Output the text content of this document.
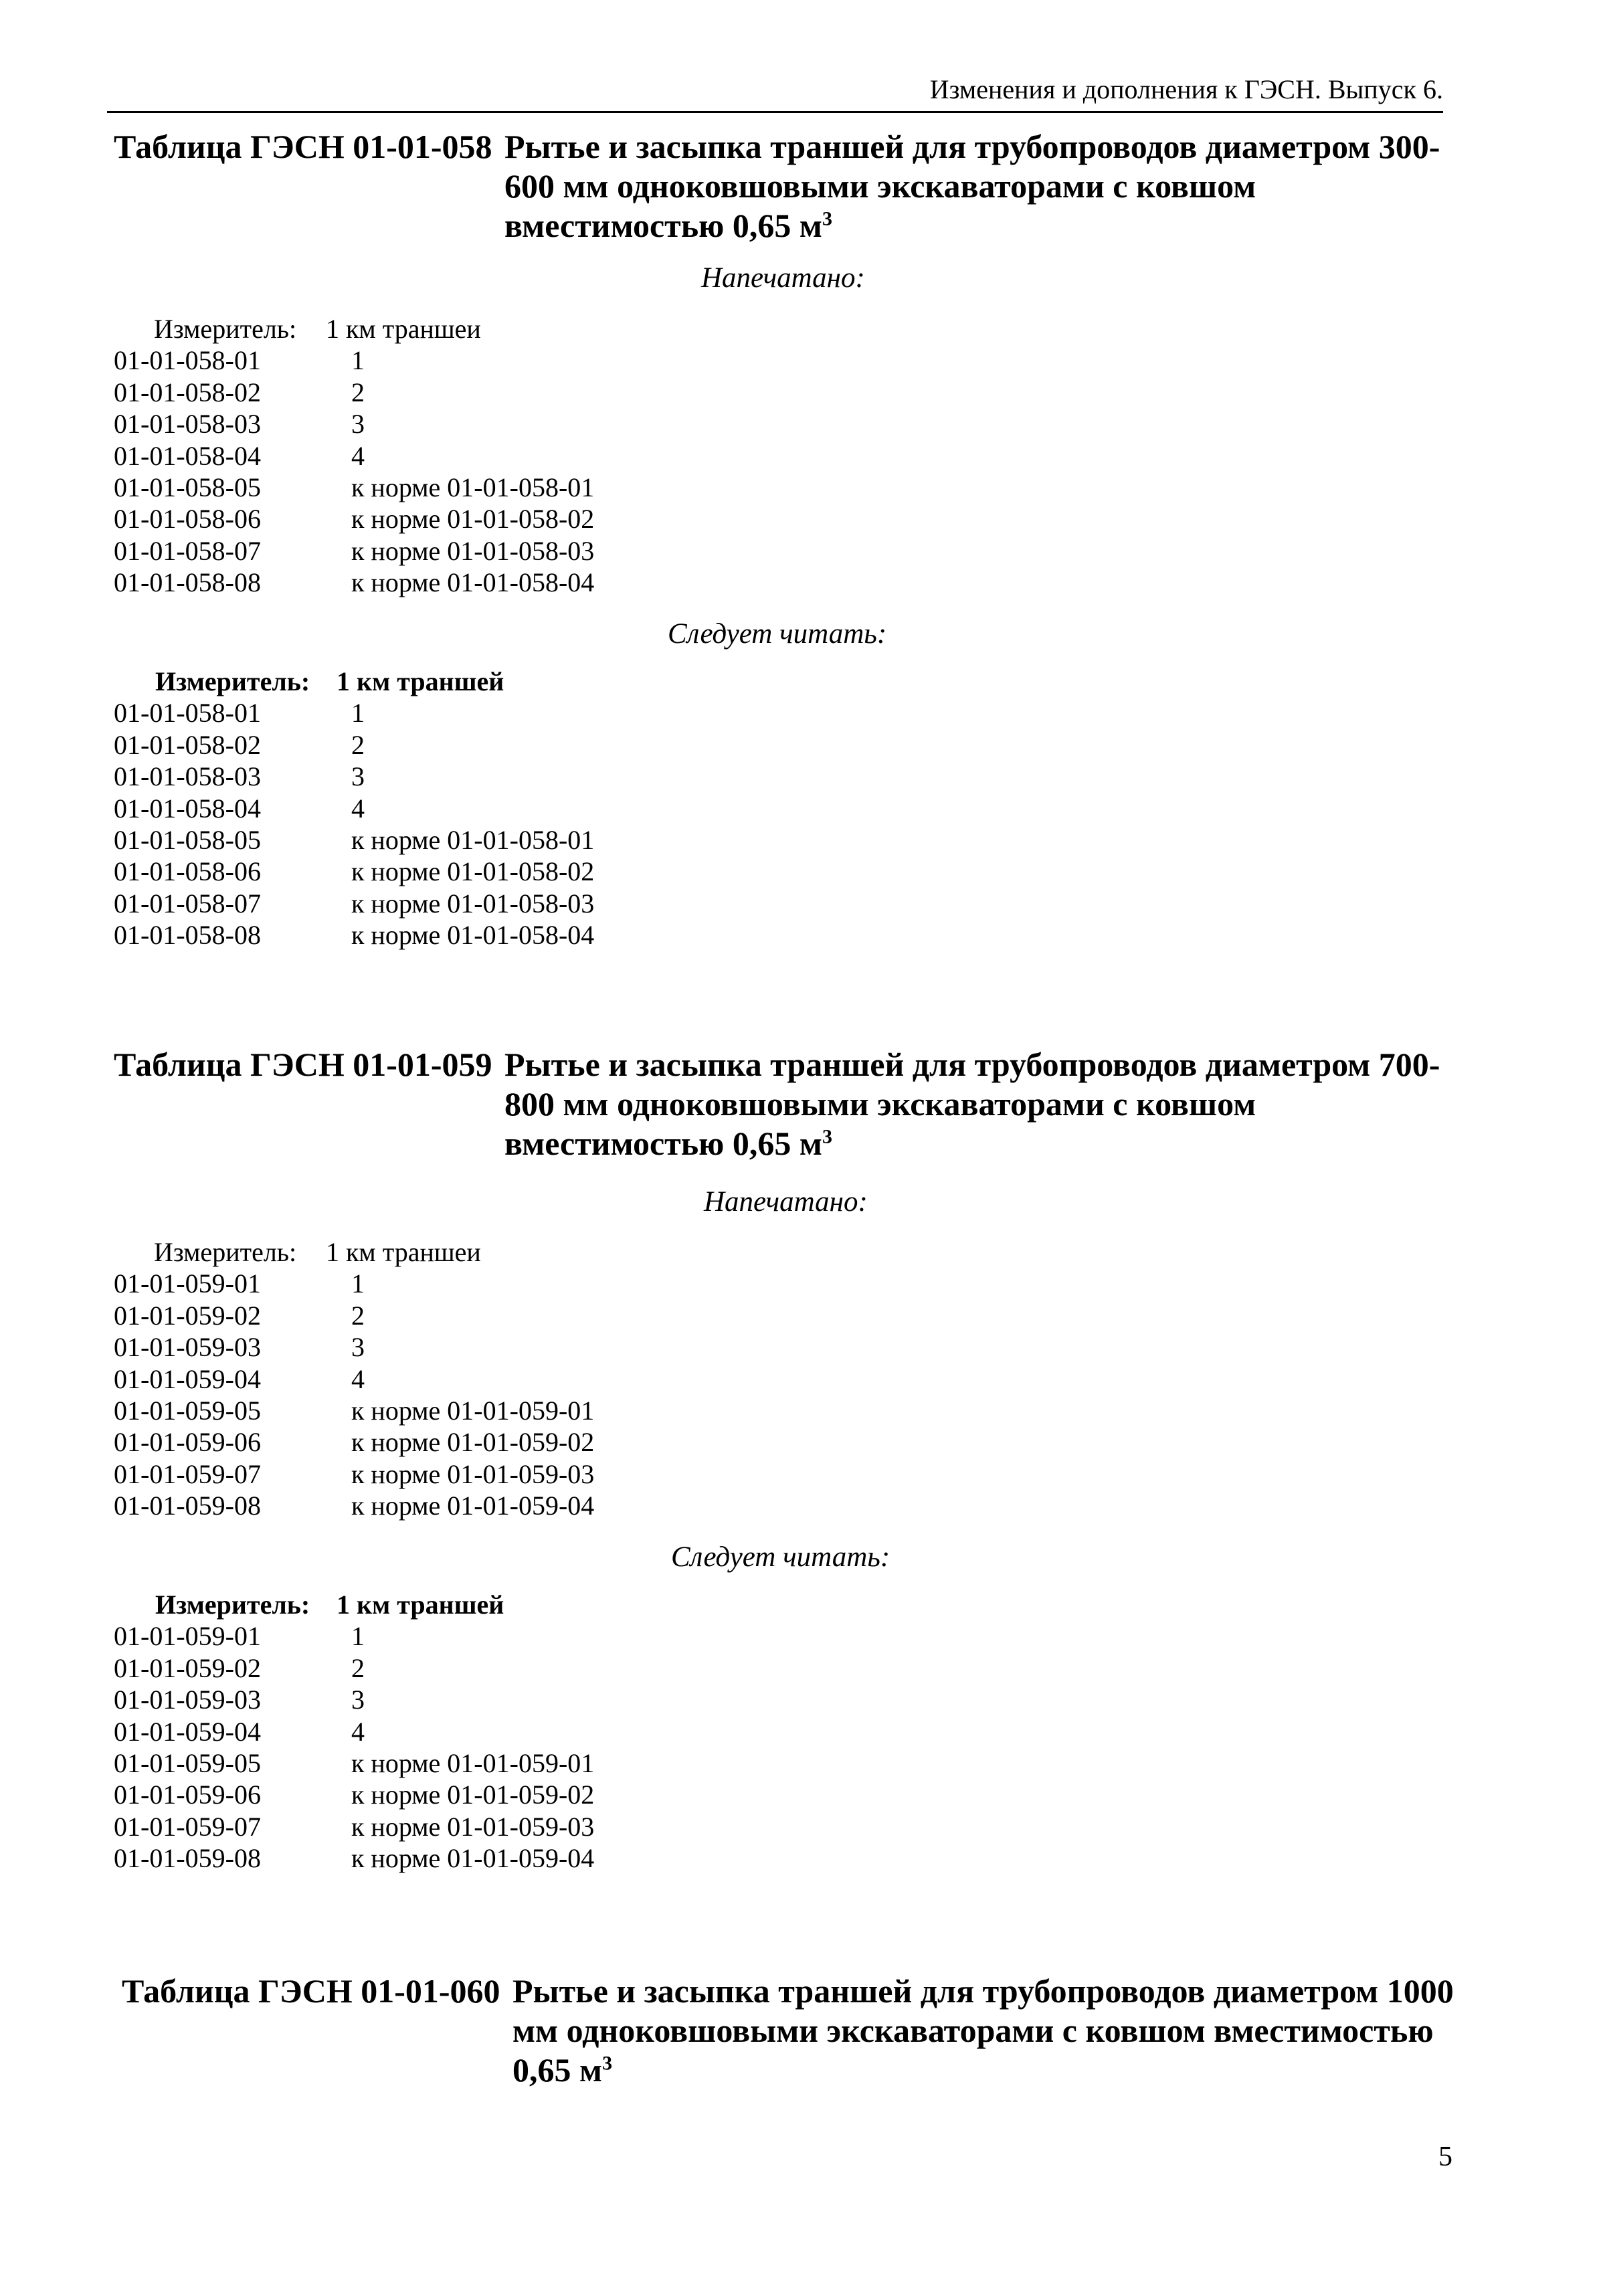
Изменения и дополнения к ГЭСН. Выпуск 6.
Таблица ГЭСН 01-01-058 Рытье и засыпка траншей для трубопроводов диаметром 300-600 мм одноковшовыми экскаваторами с ковшом вместимостью 0,65 $м^3$
Напечатано:
Измеритель: 1 км траншеи
01-01-058-01	1
01-01-058-02	2
01-01-058-03	3
01-01-058-04	4
01-01-058-05	к норме 01-01-058-01
01-01-058-06	к норме 01-01-058-02
01-01-058-07	к норме 01-01-058-03
01-01-058-08	к норме 01-01-058-04
Следует читать:
Измеритель: 1 км траншей
01-01-058-01	1
01-01-058-02	2
01-01-058-03	3
01-01-058-04	4
01-01-058-05	к норме 01-01-058-01
01-01-058-06	к норме 01-01-058-02
01-01-058-07	к норме 01-01-058-03
01-01-058-08	к норме 01-01-058-04
Таблица ГЭСН 01-01-059 Рытье и засыпка траншей для трубопроводов диаметром 700-800 мм одноковшовыми экскаваторами с ковшом вместимостью 0,65 $м^3$
Напечатано:
Измеритель: 1 км траншеи
01-01-059-01	1
01-01-059-02	2
01-01-059-03	3
01-01-059-04	4
01-01-059-05	к норме 01-01-059-01
01-01-059-06	к норме 01-01-059-02
01-01-059-07	к норме 01-01-059-03
01-01-059-08	к норме 01-01-059-04
Следует читать:
Измеритель: 1 км траншей
01-01-059-01	1
01-01-059-02	2
01-01-059-03	3
01-01-059-04	4
01-01-059-05	к норме 01-01-059-01
01-01-059-06	к норме 01-01-059-02
01-01-059-07	к норме 01-01-059-03
01-01-059-08	к норме 01-01-059-04
Таблица ГЭСН 01-01-060 Рытье и засыпка траншей для трубопроводов диаметром 1000 мм одноковшовыми экскаваторами с ковшом вместимостью 0,65 $м^3$
5
